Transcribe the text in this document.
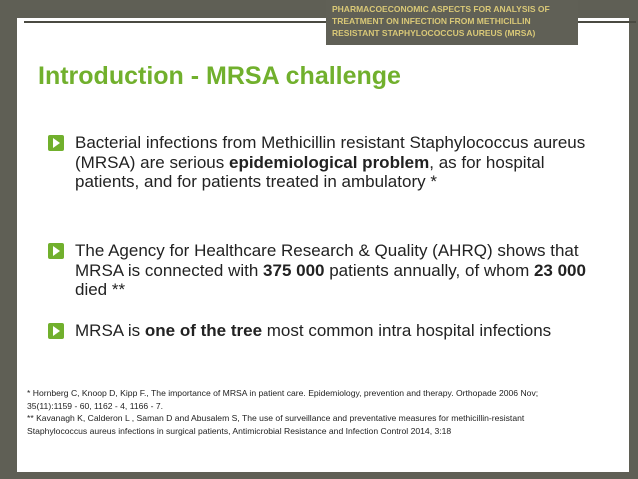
PHARMACOECONOMIC ASPECTS FOR ANALYSIS OF TREATMENT ON INFECTION FROM METHICILLIN RESISTANT STAPHYLOCOCCUS AUREUS (MRSA)
Introduction - MRSA challenge
Bacterial infections from Methicillin resistant Staphylococcus aureus (MRSA) are serious epidemiological problem, as for hospital patients, and for patients treated in ambulatory *
The Agency for Healthcare Research & Quality (AHRQ) shows that MRSA is connected with 375 000 patients annually, of whom 23 000 died **
MRSA is one of the tree most common intra hospital infections
* Hornberg C, Knoop D, Kipp F., The importance of MRSA in patient care. Epidemiology, prevention and therapy. Orthopade 2006 Nov;
35(11):1159 - 60, 1162 - 4, 1166 - 7.
** Kavanagh K, Calderon L , Saman D and Abusalem S, The use of surveillance and preventative measures for methicillin-resistant
Staphylococcus aureus infections in surgical patients, Antimicrobial Resistance and Infection Control 2014, 3:18
